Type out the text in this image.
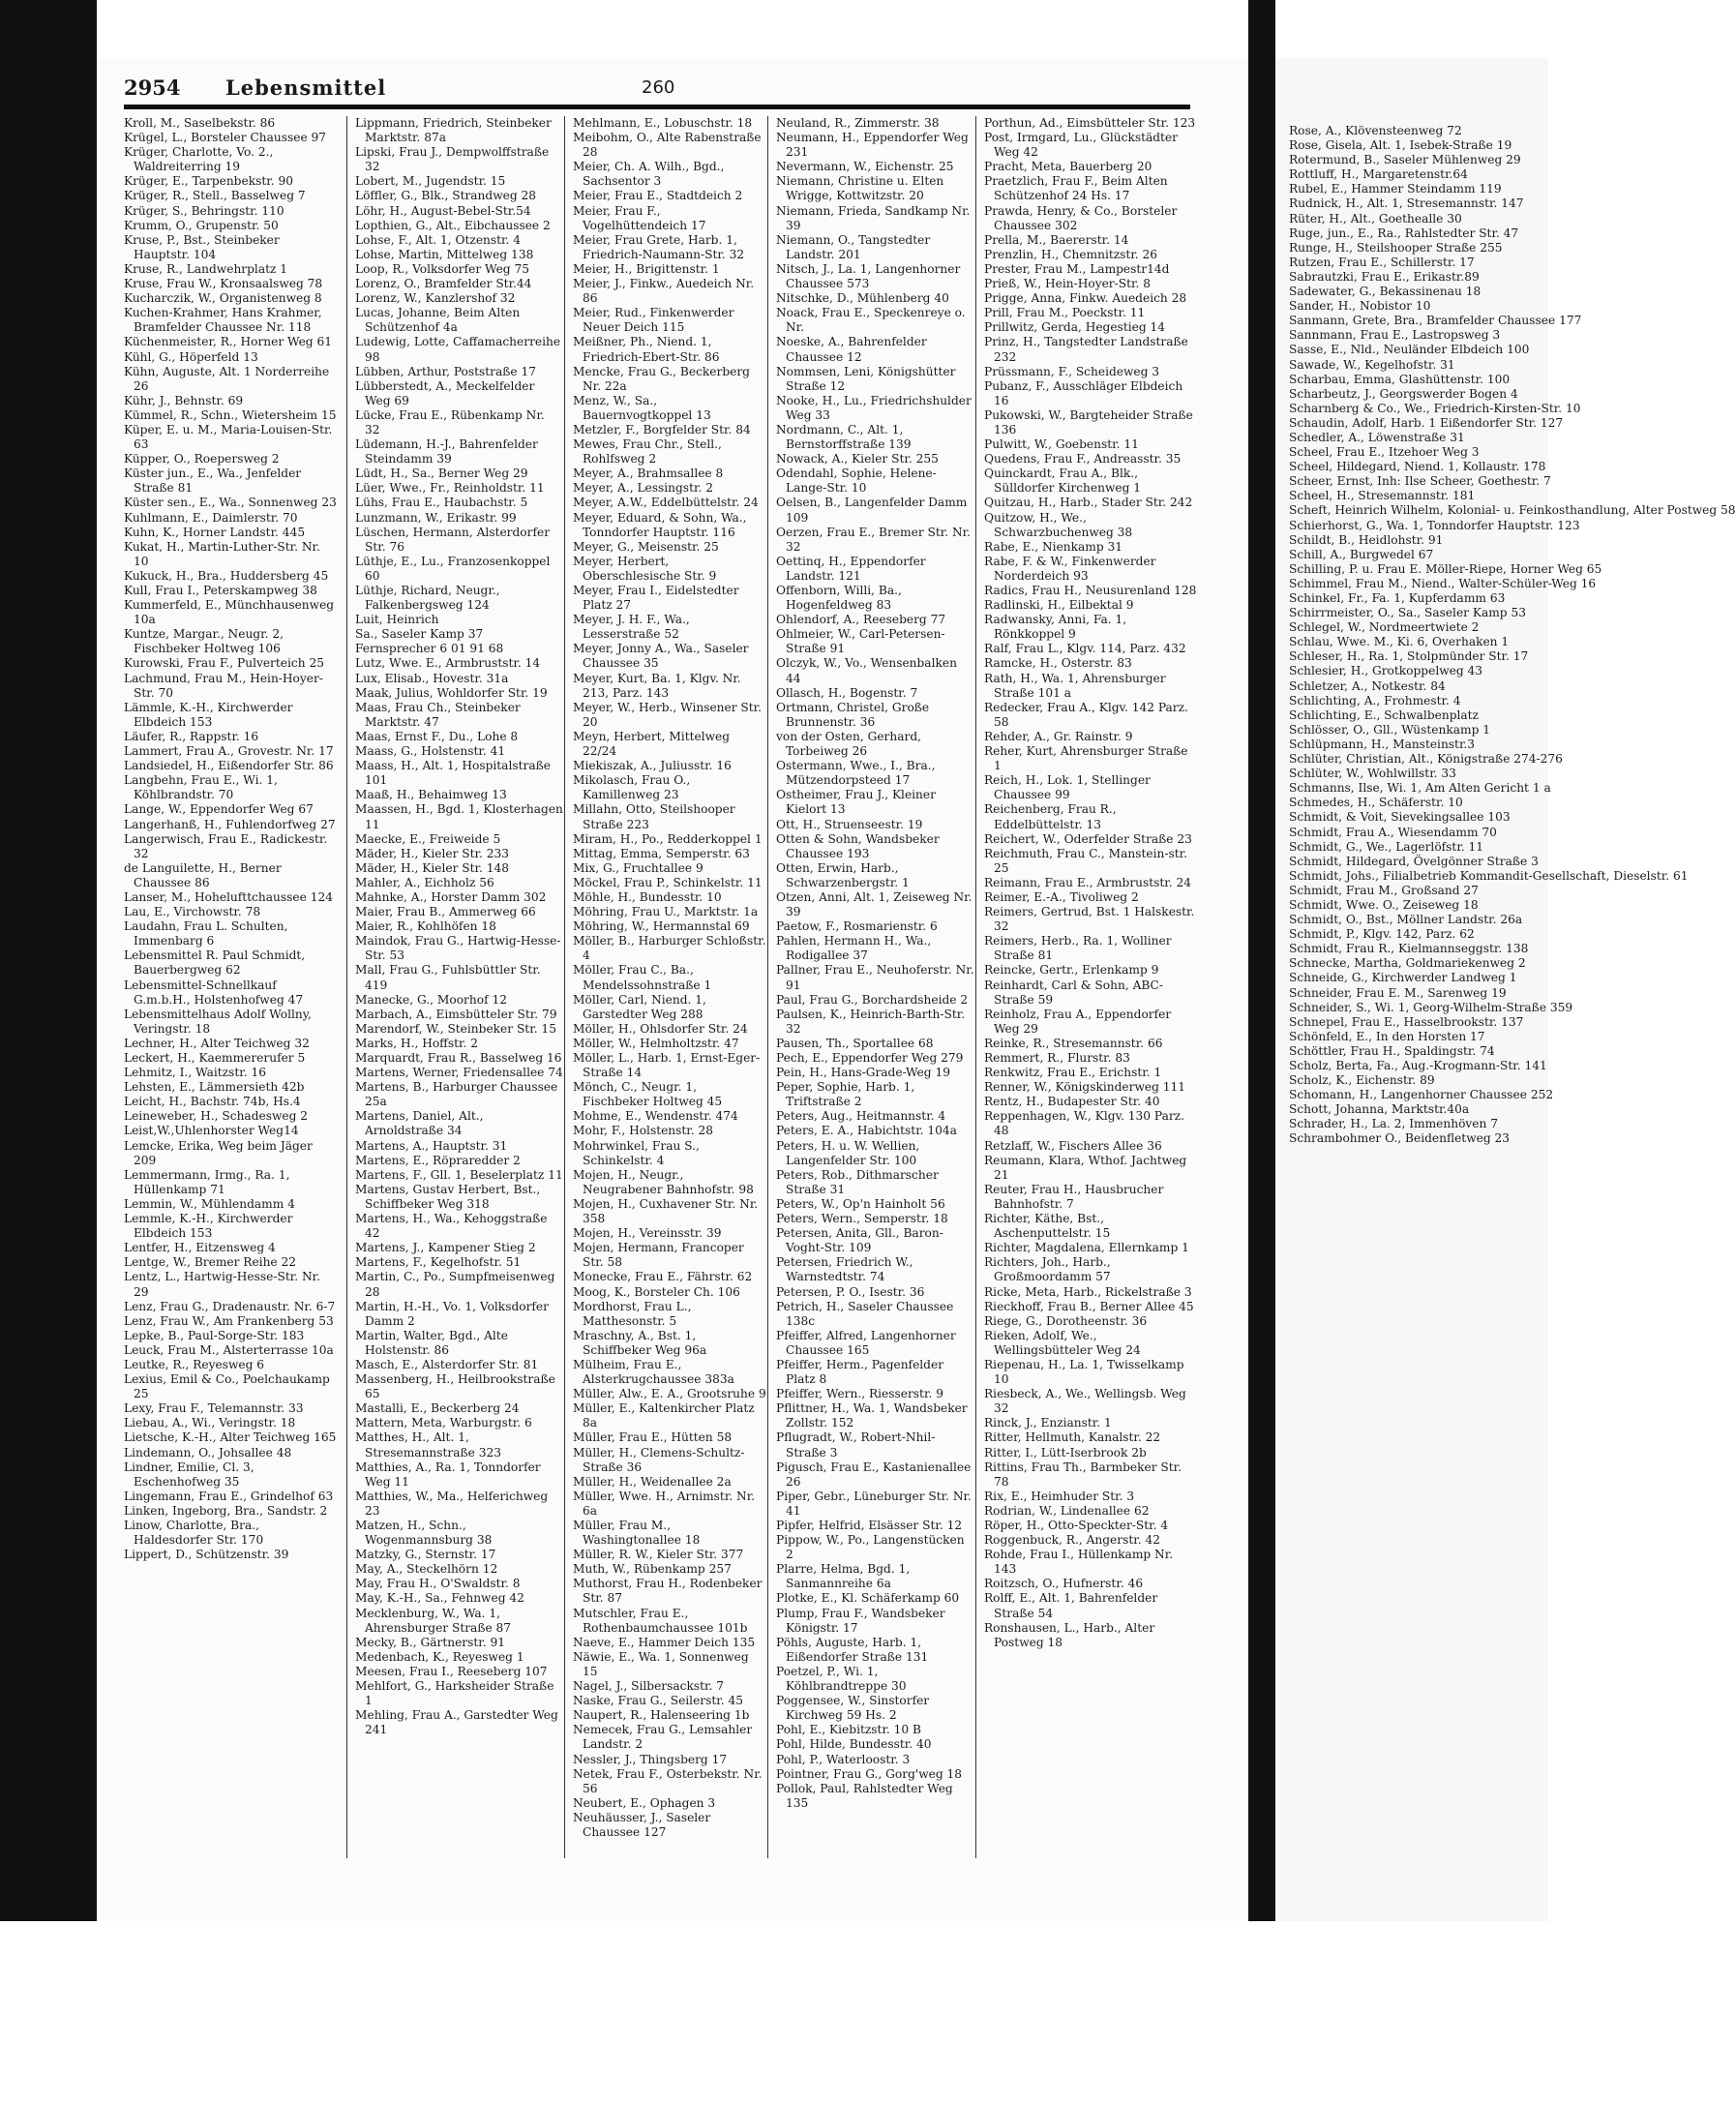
2954 Lebensmittel	260
Kroll, M., Saselbekstr. 86
Krügel, L., Borsteler Chaussee 97
Krüger, Charlotte, Vo. 2., Waldreiterring 19
Krüger, E., Tarpenbekstr. 90
Krüger, R., Stell., Basselweg 7
Krüger, S., Behringstr. 110
Krumm, O., Grupenstr. 50
Kruse, P., Bst., Steinbeker Hauptstr. 104
Kruse, R., Landwehrplatz 1
Kruse, Frau W., Kronsaalsweg 78
Kucharczik, W., Organistenweg 8
Kuchen-Krahmer, Hans Krahmer, Bramfelder Chaussee Nr. 118
Küchenmeister, R., Horner Weg 61
Kühl, G., Höperfeld 13
Kühn, Auguste, Alt. 1 Norderreihe 26
Kühr, J., Behnstr. 69
Kümmel, R., Schn., Wietersheim 15
Küper, E. u. M., Maria-Louisen-Str. 63
Küpper, O., Roepersweg 2
Küster jun., E., Wa., Jenfelder Straße 81
Küster sen., E., Wa., Sonnenweg 23
Kuhlmann, E., Daimlerstr. 70
Kuhn, K., Horner Landstr. 445
Kukat, H., Martin-Luther-Str. Nr. 10
Kukuck, H., Bra., Huddersberg 45
Kull, Frau I., Peterskampweg 38
Kummerfeld, E., Münchhausenweg 10a
Kuntze, Margar., Neugr. 2, Fischbeker Holtweg 106
Kurowski, Frau F., Pulverteich 25
Lachmund, Frau M., Hein-Hoyer-Str. 70
Lämmle, K.-H., Kirchwerder Elbdeich 153
Läufer, R., Rappstr. 16
Lammert, Frau A., Grovestr. Nr. 17
Landsiedel, H., Eißendorfer Str. 86
Langbehn, Frau E., Wi. 1, Köhlbrandstr. 70
Lange, W., Eppendorfer Weg 67
Langerhanß, H., Fuhlendorfweg 27
Langerwisch, Frau E., Radickestr. 32
de Languilette, H., Berner Chaussee 86
Lanser, M., Hohelufttchaussee 124
Lau, E., Virchowstr. 78
Laudahn, Frau L. Schulten, Immenbarg 6
Lebensmittel R. Paul Schmidt, Bauerbergweg 62
Lebensmittel-Schnellkauf G.m.b.H., Holstenhofweg 47
Lebensmittelhaus Adolf Wollny, Veringstr. 18
Lechner, H., Alter Teichweg 32
Leckert, H., Kaemmererufer 5
Lehmitz, I., Waitzstr. 16
Lehsten, E., Lämmersieth 42b
Leicht, H., Bachstr. 74b, Hs.4
Leineweber, H., Schadesweg 2
Leist,W.,Uhlenhorster Weg14
Lemcke, Erika, Weg beim Jäger 209
Lemmermann, Irmg., Ra. 1, Hüllenkamp 71
Lemmin, W., Mühlendamm 4
Lemmle, K.-H., Kirchwerder Elbdeich 153
Lentfer, H., Eitzensweg 4
Lentge, W., Bremer Reihe 22
Lentz, L., Hartwig-Hesse-Str. Nr. 29
Lenz, Frau G., Dradenaustr. Nr. 6-7
Lenz, Frau W., Am Frankenberg 53
Lepke, B., Paul-Sorge-Str. 183
Leuck, Frau M., Alsterterrasse 10a
Leutke, R., Reyesweg 6
Lexius, Emil & Co., Poelchaukamp 25
Lexy, Frau F., Telemannstr. 33
Liebau, A., Wi., Veringstr. 18
Lietsche, K.-H., Alter Teichweg 165
Lindemann, O., Johsallee 48
Lindner, Emilie, Cl. 3, Eschenhofweg 35
Lingemann, Frau E., Grindelhof 63
Linken, Ingeborg, Bra., Sandstr. 2
Linow, Charlotte, Bra., Haldesdorfer Str. 170
Lippert, D., Schützenstr. 39
Lippmann, Friedrich, Steinbeker Marktstr. 87a
Lipski, Frau J., Dempwolffstraße 32
Lobert, M., Jugendstr. 15
Löffler, G., Blk., Strandweg 28
Löhr, H., August-Bebel-Str.54
Lopthien, G., Alt., Eibchaussee 2
Lohse, F., Alt. 1, Otzenstr. 4
Lohse, Martin, Mittelweg 138
Loop, R., Volksdorfer Weg 75
Lorenz, O., Bramfelder Str.44
Lorenz, W., Kanzlershof 32
Lucas, Johanne, Beim Alten Schützenhof 4a
Ludewig, Lotte, Caffamacherreihe 98
Lübben, Arthur, Poststraße 17
Lübberstedt, A., Meckelfelder Weg 69
Lücke, Frau E., Rübenkamp Nr. 32
Lüdemann, H.-J., Bahrenfelder Steindamm 39
Lüdt, H., Sa., Berner Weg 29
Lüer, Wwe., Fr., Reinholdstr. 11
Lühs, Frau E., Haubachstr. 5
Lunzmann, W., Erikastr. 99
Lüschen, Hermann, Alsterdorfer Str. 76
Lüthje, E., Lu., Franzosenkoppel 60
Lüthje, Richard, Neugr., Falkenbergsweg 124
Luit, Heinrich
Sa., Saseler Kamp 37
Fernsprecher 6 01 91 68
Lutz, Wwe. E., Armbruststr. 14
Lux, Elisab., Hovestr. 31a
Maak, Julius, Wohldorfer Str. 19
Maas, Frau Ch., Steinbeker Marktstr. 47
Maas, Ernst F., Du., Lohe 8
Maass, G., Holstenstr. 41
Maass, H., Alt. 1, Hospitalstraße 101
Maaß, H., Behaimweg 13
Maassen, H., Bgd. 1, Klosterhagen 11
Maecke, E., Freiweide 5
Mäder, H., Kieler Str. 233
Mäder, H., Kieler Str. 148
Mahler, A., Eichholz 56
Mahnke, A., Horster Damm 302
Maier, Frau B., Ammerweg 66
Maier, R., Kohlhöfen 18
Maindok, Frau G., Hartwig-Hesse-Str. 53
Mall, Frau G., Fuhlsbüttler Str. 419
Manecke, G., Moorhof 12
Marbach, A., Eimsbütteler Str. 79
Marendorf, W., Steinbeker Str. 15
Marks, H., Hoffstr. 2
Marquardt, Frau R., Basselweg 16
Martens, Werner, Friedensallee 74
Martens, B., Harburger Chaussee 25a
Martens, Daniel, Alt., Arnoldstraße 34
Martens, A., Hauptstr. 31
Martens, E., Röpraredder 2
Martens, F., Gll. 1, Beselerplatz 11
Martens, Gustav Herbert, Bst., Schiffbeker Weg 318
Martens, H., Wa., Kehoggstraße 42
Martens, J., Kampener Stieg 2
Martens, F., Kegelhofstr. 51
Martin, C., Po., Sumpfmeisenweg 28
Martin, H.-H., Vo. 1, Volksdorfer Damm 2
Martin, Walter, Bgd., Alte Holstenstr. 86
Masch, E., Alsterdorfer Str. 81
Massenberg, H., Heilbrookstraße 65
Mastalli, E., Beckerberg 24
Mattern, Meta, Warburgstr. 6
Matthes, H., Alt. 1, Stresemannstraße 323
Matthies, A., Ra. 1, Tonndorfer Weg 11
Matthies, W., Ma., Helferichweg 23
Matzen, H., Schn., Wogenmannsburg 38
Matzky, G., Sternstr. 17
May, A., Steckelhörn 12
May, Frau H., O'Swaldstr. 8
May, K.-H., Sa., Fehnweg 42
Mecklenburg, W., Wa. 1, Ahrensburger Straße 87
Mecky, B., Gärtnerstr. 91
Medenbach, K., Reyesweg 1
Meesen, Frau I., Reeseberg 107
Mehlfort, G., Harksheider Straße 1
Mehling, Frau A., Garstedter Weg 241
Mehlmann, E., Lobuschstr. 18
Meibohm, O., Alte Rabenstraße 28
Meier, Ch. A. Wilh., Bgd., Sachsentor 3
Meier, Frau E., Stadtdeich 2
Meier, Frau F., Vogelhüttendeich 17
Meier, Frau Grete, Harb. 1, Friedrich-Naumann-Str. 32
Meier, H., Brigittenstr. 1
Meier, J., Finkw., Auedeich Nr. 86
Meier, Rud., Finkenwerder Neuer Deich 115
Meißner, Ph., Niend. 1, Friedrich-Ebert-Str. 86
Mencke, Frau G., Beckerberg Nr. 22a
Menz, W., Sa., Bauernvogtkoppel 13
Metzler, F., Borgfelder Str. 84
Mewes, Frau Chr., Stell., Rohlfsweg 2
Meyer, A., Brahmsallee 8
Meyer, A., Lessingstr. 2
Meyer, A.W., Eddelbüttelstr. 24
Meyer, Eduard, & Sohn, Wa., Tonndorfer Hauptstr. 116
Meyer, G., Meisenstr. 25
Meyer, Herbert, Oberschlesische Str. 9
Meyer, Frau I., Eidelstedter Platz 27
Meyer, J. H. F., Wa., Lesserstraße 52
Meyer, Jonny A., Wa., Saseler Chaussee 35
Meyer, Kurt, Ba. 1, Klgv. Nr. 213, Parz. 143
Meyer, W., Herb., Winsener Str. 20
Meyn, Herbert, Mittelweg 22/24
Miekiszak, A., Juliusstr. 16
Mikolasch, Frau O., Kamillenweg 23
Millahn, Otto, Steilshooper Straße 223
Miram, H., Po., Redderkoppel 1
Mittag, Emma, Semperstr. 63
Mix, G., Fruchtallee 9
Möckel, Frau P., Schinkelstr. 11
Möhle, H., Bundesstr. 10
Möhring, Frau U., Marktstr. 1a
Möhring, W., Hermannstal 69
Möller, B., Harburger Schloßstr. 4
Möller, Frau C., Ba., Mendelssohnstraße 1
Möller, Carl, Niend. 1, Garstedter Weg 288
Möller, H., Ohlsdorfer Str. 24
Möller, W., Helmholtzstr. 47
Möller, L., Harb. 1, Ernst-Eger-Straße 14
Mönch, C., Neugr. 1, Fischbeker Holtweg 45
Mohme, E., Wendenstr. 474
Mohr, F., Holstenstr. 28
Mohrwinkel, Frau S., Schinkelstr. 4
Mojen, H., Neugr., Neugrabener Bahnhofstr. 98
Mojen, H., Cuxhavener Str. Nr. 358
Mojen, H., Vereinsstr. 39
Mojen, Hermann, Francoper Str. 58
Monecke, Frau E., Fährstr. 62
Moog, K., Borsteler Ch. 106
Mordhorst, Frau L., Matthesonstr. 5
Mraschny, A., Bst. 1, Schiffbeker Weg 96a
Mülheim, Frau E., Alsterkrugchaussee 383a
Müller, Alw., E. A., Grootsruhe 9
Müller, E., Kaltenkircher Platz 8a
Müller, Frau E., Hütten 58
Müller, H., Clemens-Schultz-Straße 36
Müller, H., Weidenallee 2a
Müller, Wwe. H., Arnimstr. Nr. 6a
Müller, Frau M., Washingtonallee 18
Müller, R. W., Kieler Str. 377
Muth, W., Rübenkamp 257
Muthorst, Frau H., Rodenbeker Str. 87
Mutschler, Frau E., Rothenbaumchaussee 101b
Naeve, E., Hammer Deich 135
Näwie, E., Wa. 1, Sonnenweg 15
Nagel, J., Silbersackstr. 7
Naske, Frau G., Seilerstr. 45
Naupert, R., Halenseering 1b
Nemecek, Frau G., Lemsahler Landstr. 2
Nessler, J., Thingsberg 17
Netek, Frau F., Osterbekstr. Nr. 56
Neubert, E., Ophagen 3
Neuhäusser, J., Saseler Chaussee 127
Neuland, R., Zimmerstr. 38
Neumann, H., Eppendorfer Weg 231
Nevermann, W., Eichenstr. 25
Niemann, Christine u. Elten Wrigge, Kottwitzstr. 20
Niemann, Frieda, Sandkamp Nr. 39
Niemann, O., Tangstedter Landstr. 201
Nitsch, J., La. 1, Langenhorner Chaussee 573
Nitschke, D., Mühlenberg 40
Noack, Frau E., Speckenreye o. Nr.
Noeske, A., Bahrenfelder Chaussee 12
Nommsen, Leni, Königshütter Straße 12
Nooke, H., Lu., Friedrichshulder Weg 33
Nordmann, C., Alt. 1, Bernstorffstraße 139
Nowack, A., Kieler Str. 255
Odendahl, Sophie, Helene-Lange-Str. 10
Oelsen, B., Langenfelder Damm 109
Oerzen, Frau E., Bremer Str. Nr. 32
Oettinq, H., Eppendorfer Landstr. 121
Offenborn, Willi, Ba., Hogenfeldweg 83
Ohlendorf, A., Reeseberg 77
Ohlmeier, W., Carl-Petersen-Straße 91
Olczyk, W., Vo., Wensenbalken 44
Ollasch, H., Bogenstr. 7
Ortmann, Christel, Große Brunnenstr. 36
von der Osten, Gerhard, Torbeiweg 26
Ostermann, Wwe., I., Bra., Mützendorpsteed 17
Ostheimer, Frau J., Kleiner Kielort 13
Ott, H., Struenseestr. 19
Otten & Sohn, Wandsbeker Chaussee 193
Otten, Erwin, Harb., Schwarzenbergstr. 1
Otzen, Anni, Alt. 1, Zeiseweg Nr. 39
Paetow, F., Rosmarienstr. 6
Pahlen, Hermann H., Wa., Rodigallee 37
Pallner, Frau E., Neuhoferstr. Nr. 91
Paul, Frau G., Borchardsheide 2
Paulsen, K., Heinrich-Barth-Str. 32
Pausen, Th., Sportallee 68
Pech, E., Eppendorfer Weg 279
Pein, H., Hans-Grade-Weg 19
Peper, Sophie, Harb. 1, Triftstraße 2
Peters, Aug., Heitmannstr. 4
Peters, E. A., Habichtstr. 104a
Peters, H. u. W. Wellien, Langenfelder Str. 100
Peters, Rob., Dithmarscher Straße 31
Peters, W., Op'n Hainholt 56
Peters, Wern., Semperstr. 18
Petersen, Anita, Gll., Baron-Voght-Str. 109
Petersen, Friedrich W., Warnstedtstr. 74
Petersen, P. O., Isestr. 36
Petrich, H., Saseler Chaussee 138c
Pfeiffer, Alfred, Langenhorner Chaussee 165
Pfeiffer, Herm., Pagenfelder Platz 8
Pfeiffer, Wern., Riesserstr. 9
Pflittner, H., Wa. 1, Wandsbeker Zollstr. 152
Pflugradt, W., Robert-Nhil-Straße 3
Pigusch, Frau E., Kastanienallee 26
Piper, Gebr., Lüneburger Str. Nr. 41
Pipfer, Helfrid, Elsässer Str. 12
Pippow, W., Po., Langenstücken 2
Plarre, Helma, Bgd. 1, Sanmannreihe 6a
Plotke, E., Kl. Schäferkamp 60
Plump, Frau F., Wandsbeker Königstr. 17
Pöhls, Auguste, Harb. 1, Eißendorfer Straße 131
Poetzel, P., Wi. 1, Köhlbrandtreppe 30
Poggensee, W., Sinstorfer Kirchweg 59 Hs. 2
Pohl, E., Kiebitzstr. 10 B
Pohl, Hilde, Bundesstr. 40
Pohl, P., Waterloostr. 3
Pointner, Frau G., Gorg'weg 18
Pollok, Paul, Rahlstedter Weg 135
Porthun, Ad., Eimsbütteler Str. 123
Post, Irmgard, Lu., Glückstädter Weg 42
Pracht, Meta, Bauerberg 20
Praetzlich, Frau F., Beim Alten Schützenhof 24 Hs. 17
Prawda, Henry, & Co., Borsteler Chaussee 302
Prella, M., Baererstr. 14
Prenzlin, H., Chemnitzstr. 26
Prester, Frau M., Lampestr14d
Prieß, W., Hein-Hoyer-Str. 8
Prigge, Anna, Finkw. Auedeich 28
Prill, Frau M., Poeckstr. 11
Prillwitz, Gerda, Hegestieg 14
Prinz, H., Tangstedter Landstraße 232
Prüssmann, F., Scheideweg 3
Pubanz, F., Ausschläger Elbdeich 16
Pukowski, W., Bargteheider Straße 136
Pulwitt, W., Goebenstr. 11
Quedens, Frau F., Andreasstr. 35
Quinckardt, Frau A., Blk., Sülldorfer Kirchenweg 1
Quitzau, H., Harb., Stader Str. 242
Quitzow, H., We., Schwarzbuchenweg 38
Rabe, E., Nienkamp 31
Rabe, F. & W., Finkenwerder Norderdeich 93
Radics, Frau H., Neusurenland 128
Radlinski, H., Eilbektal 9
Radwansky, Anni, Fa. 1, Rönkkoppel 9
Ralf, Frau L., Klgv. 114, Parz. 432
Ramcke, H., Osterstr. 83
Rath, H., Wa. 1, Ahrensburger Straße 101 a
Redecker, Frau A., Klgv. 142 Parz. 58
Rehder, A., Gr. Rainstr. 9
Reher, Kurt, Ahrensburger Straße 1
Reich, H., Lok. 1, Stellinger Chaussee 99
Reichenberg, Frau R., Eddelbüttelstr. 13
Reichert, W., Oderfelder Straße 23
Reichmuth, Frau C., Manstein-str. 25
Reimann, Frau E., Armbruststr. 24
Reimer, E.-A., Tivoliweg 2
Reimers, Gertrud, Bst. 1 Halskestr. 32
Reimers, Herb., Ra. 1, Wolliner Straße 81
Reincke, Gertr., Erlenkamp 9
Reinhardt, Carl & Sohn, ABC-Straße 59
Reinholz, Frau A., Eppendorfer Weg 29
Reinke, R., Stresemannstr. 66
Remmert, R., Flurstr. 83
Renkwitz, Frau E., Erichstr. 1
Renner, W., Königskinderweg 111
Rentz, H., Budapester Str. 40
Reppenhagen, W., Klgv. 130 Parz. 48
Retzlaff, W., Fischers Allee 36
Reumann, Klara, Wthof. Jachtweg 21
Reuter, Frau H., Hausbrucher Bahnhofstr. 7
Richter, Käthe, Bst., Aschenputtelstr. 15
Richter, Magdalena, Ellernkamp 1
Richters, Joh., Harb., Großmoordamm 57
Ricke, Meta, Harb., Rickelstraße 3
Rieckhoff, Frau B., Berner Allee 45
Riege, G., Dorotheenstr. 36
Rieken, Adolf, We., Wellingsbütteler Weg 24
Riepenau, H., La. 1, Twisselkamp 10
Riesbeck, A., We., Wellingsb. Weg 32
Rinck, J., Enzianstr. 1
Ritter, Hellmuth, Kanalstr. 22
Ritter, I., Lütt-Iserbrook 2b
Rittins, Frau Th., Barmbeker Str. 78
Rix, E., Heimhuder Str. 3
Rodrian, W., Lindenallee 62
Röper, H., Otto-Speckter-Str. 4
Roggenbuck, R., Angerstr. 42
Rohde, Frau I., Hüllenkamp Nr. 143
Roitzsch, O., Hufnerstr. 46
Rolff, E., Alt. 1, Bahrenfelder Straße 54
Ronshausen, L., Harb., Alter Postweg 18
Rose, A., Klövensteenweg 72
Rose, Gisela, Alt. 1, Isebek-Straße 19
Rotermund, B., Saseler Mühlenweg 29
Rottluff, H., Margaretenstr.64
Rubel, E., Hammer Steindamm 119
Rudnick, H., Alt. 1, Stresemannstr. 147
Rüter, H., Alt., Goethealle 30
Ruge, jun., E., Ra., Rahlstedter Str. 47
Runge, H., Steilshooper Straße 255
Rutzen, Frau E., Schillerstr. 17
Sabrautzki, Frau E., Erikastr.89
Sadewater, G., Bekassinenau 18
Sander, H., Nobistor 10
Sanmann, Grete, Bra., Bramfelder Chaussee 177
Sannmann, Frau E., Lastropsweg 3
Sasse, E., Nld., Neuländer Elbdeich 100
Sawade, W., Kegelhofstr. 31
Scharbau, Emma, Glashüttenstr. 100
Scharbeutz, J., Georgswerder Bogen 4
Scharnberg & Co., We., Friedrich-Kirsten-Str. 10
Schaudin, Adolf, Harb. 1 Eißendorfer Str. 127
Schedler, A., Löwenstraße 31
Scheel, Frau E., Itzehoer Weg 3
Scheel, Hildegard, Niend. 1, Kollaustr. 178
Scheer, Ernst, Inh: Ilse Scheer, Goethestr. 7
Scheel, H., Stresemannstr. 181
Scheft, Heinrich Wilhelm, Kolonial- u. Feinkosthandlung, Alter Postweg 58
Schierhorst, G., Wa. 1, Tonndorfer Hauptstr. 123
Schildt, B., Heidlohstr. 91
Schill, A., Burgwedel 67
Schilling, P. u. Frau E. Möller-Riepe, Horner Weg 65
Schimmel, Frau M., Niend., Walter-Schüler-Weg 16
Schinkel, Fr., Fa. 1, Kupferdamm 63
Schirrmeister, O., Sa., Saseler Kamp 53
Schlegel, W., Nordmeertwiete 2
Schlau, Wwe. M., Ki. 6, Overhaken 1
Schleser, H., Ra. 1, Stolpmünder Str. 17
Schlesier, H., Grotkoppelweg 43
Schletzer, A., Notkestr. 84
Schlichting, A., Frohmestr. 4
Schlichting, E., Schwalbenplatz
Schlösser, O., Gll., Wüstenkamp 1
Schlüpmann, H., Mansteinstr.3
Schlüter, Christian, Alt., Königstraße 274-276
Schlüter, W., Wohlwillstr. 33
Schmanns, Ilse, Wi. 1, Am Alten Gericht 1 a
Schmedes, H., Schäferstr. 10
Schmidt, & Voit, Sievekingsallee 103
Schmidt, Frau A., Wiesendamm 70
Schmidt, G., We., Lagerlöfstr. 11
Schmidt, Hildegard, Övelgönner Straße 3
Schmidt, Johs., Filialbetrieb Kommandit-Gesellschaft, Dieselstr. 61
Schmidt, Frau M., Großsand 27
Schmidt, Wwe. O., Zeiseweg 18
Schmidt, O., Bst., Möllner Landstr. 26a
Schmidt, P., Klgv. 142, Parz. 62
Schmidt, Frau R., Kielmannseggstr. 138
Schnecke, Martha, Goldmariekenweg 2
Schneide, G., Kirchwerder Landweg 1
Schneider, Frau E. M., Sarenweg 19
Schneider, S., Wi. 1, Georg-Wilhelm-Straße 359
Schnepel, Frau E., Hasselbrookstr. 137
Schönfeld, E., In den Horsten 17
Schöttler, Frau H., Spaldingstr. 74
Scholz, Berta, Fa., Aug.-Krogmann-Str. 141
Scholz, K., Eichenstr. 89
Schomann, H., Langenhorner Chaussee 252
Schott, Johanna, Marktstr.40a
Schrader, H., La. 2, Immenhöven 7
Schrambohmer O., Beidenfletweg 23
